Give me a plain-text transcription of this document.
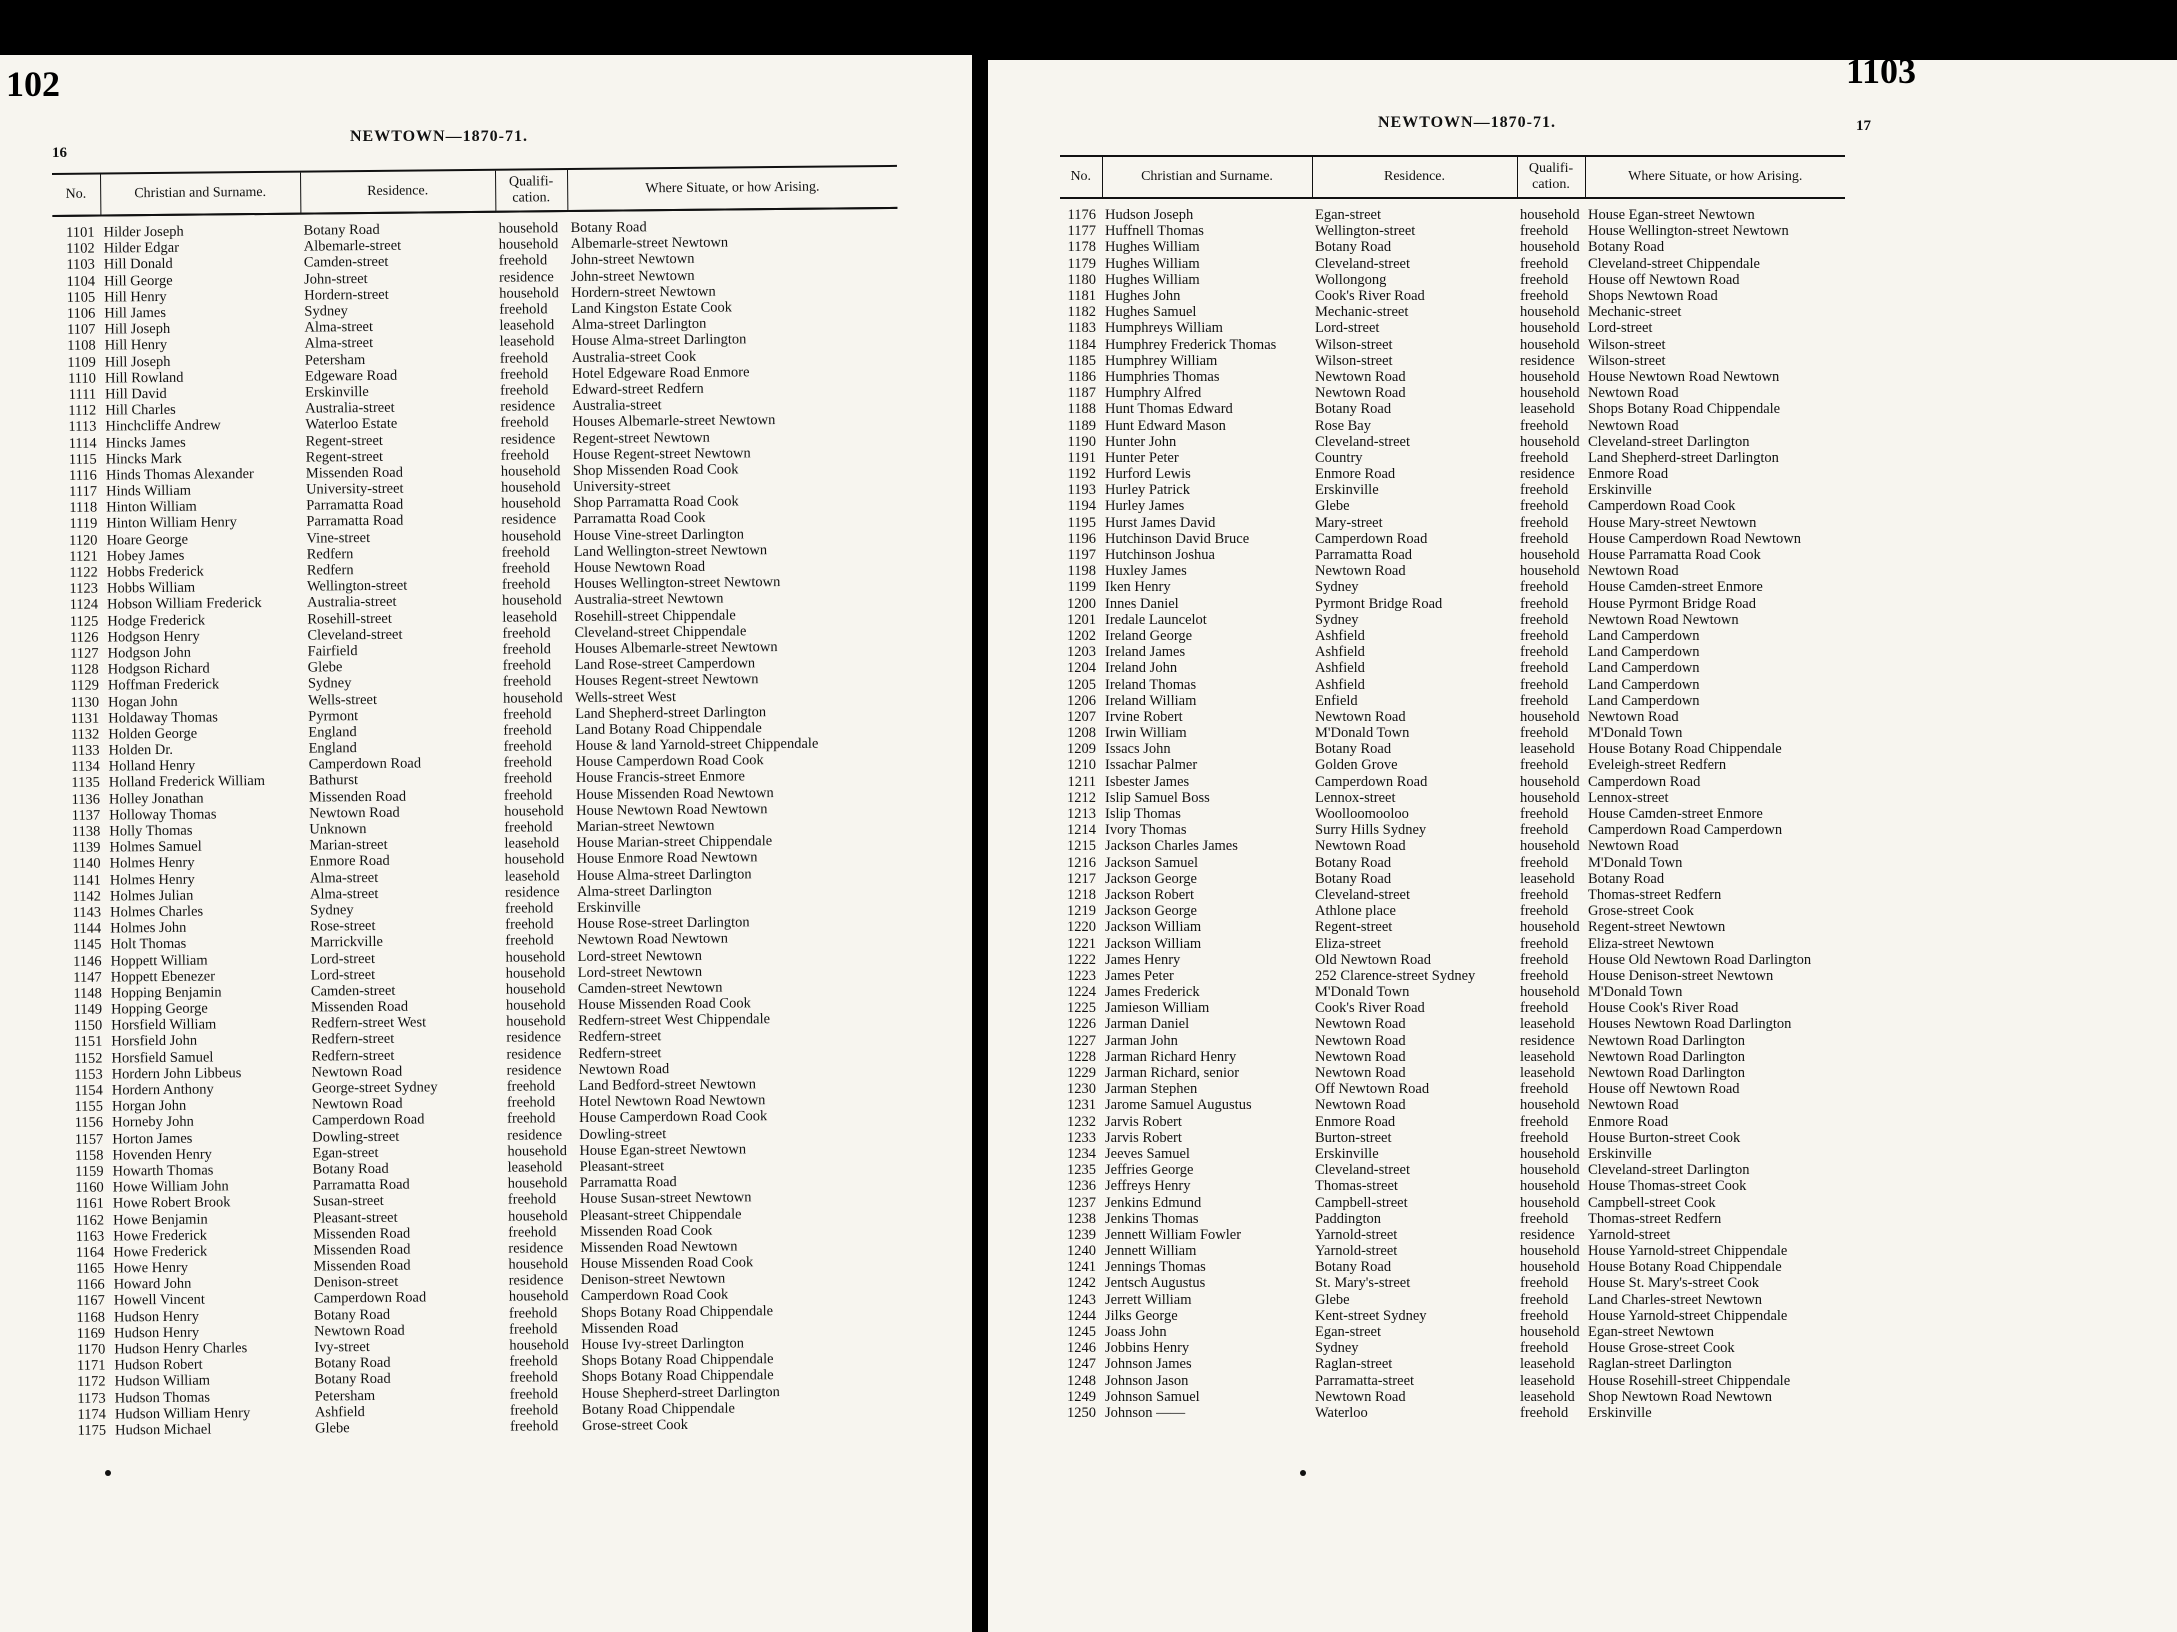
102
16
NEWTOWN—1870-71.
No.	Christian and Surname.	Residence.	Qualifi- cation.	Where Situate, or how Arising.
1101	Hilder Joseph	Botany Road	household	Botany Road
1102	Hilder Edgar	Albemarle-street	household	Albemarle-street Newtown
1103	Hill Donald	Camden-street	freehold	John-street Newtown
1104	Hill George	John-street	residence	John-street Newtown
1105	Hill Henry	Hordern-street	household	Hordern-street Newtown
1106	Hill James	Sydney	freehold	Land Kingston Estate Cook
1107	Hill Joseph	Alma-street	leasehold	Alma-street Darlington
1108	Hill Henry	Alma-street	leasehold	House Alma-street Darlington
1109	Hill Joseph	Petersham	freehold	Australia-street Cook
1110	Hill Rowland	Edgeware Road	freehold	Hotel Edgeware Road Enmore
1111	Hill David	Erskinville	freehold	Edward-street Redfern
1112	Hill Charles	Australia-street	residence	Australia-street
1113	Hinchcliffe Andrew	Waterloo Estate	freehold	Houses Albemarle-street Newtown
1114	Hincks James	Regent-street	residence	Regent-street Newtown
1115	Hincks Mark	Regent-street	freehold	House Regent-street Newtown
1116	Hinds Thomas Alexander	Missenden Road	household	Shop Missenden Road Cook
1117	Hinds William	University-street	household	University-street
1118	Hinton William	Parramatta Road	household	Shop Parramatta Road Cook
1119	Hinton William Henry	Parramatta Road	residence	Parramatta Road Cook
1120	Hoare George	Vine-street	household	House Vine-street Darlington
1121	Hobey James	Redfern	freehold	Land Wellington-street Newtown
1122	Hobbs Frederick	Redfern	freehold	House Newtown Road
1123	Hobbs William	Wellington-street	freehold	Houses Wellington-street Newtown
1124	Hobson William Frederick	Australia-street	household	Australia-street Newtown
1125	Hodge Frederick	Rosehill-street	leasehold	Rosehill-street Chippendale
1126	Hodgson Henry	Cleveland-street	freehold	Cleveland-street Chippendale
1127	Hodgson John	Fairfield	freehold	Houses Albemarle-street Newtown
1128	Hodgson Richard	Glebe	freehold	Land Rose-street Camperdown
1129	Hoffman Frederick	Sydney	freehold	Houses Regent-street Newtown
1130	Hogan John	Wells-street	household	Wells-street West
1131	Holdaway Thomas	Pyrmont	freehold	Land Shepherd-street Darlington
1132	Holden George	England	freehold	Land Botany Road Chippendale
1133	Holden Dr.	England	freehold	House & land Yarnold-street Chippendale
1134	Holland Henry	Camperdown Road	freehold	House Camperdown Road Cook
1135	Holland Frederick William	Bathurst	freehold	House Francis-street Enmore
1136	Holley Jonathan	Missenden Road	freehold	House Missenden Road Newtown
1137	Holloway Thomas	Newtown Road	household	House Newtown Road Newtown
1138	Holly Thomas	Unknown	freehold	Marian-street Newtown
1139	Holmes Samuel	Marian-street	leasehold	House Marian-street Chippendale
1140	Holmes Henry	Enmore Road	household	House Enmore Road Newtown
1141	Holmes Henry	Alma-street	leasehold	House Alma-street Darlington
1142	Holmes Julian	Alma-street	residence	Alma-street Darlington
1143	Holmes Charles	Sydney	freehold	Erskinville
1144	Holmes John	Rose-street	freehold	House Rose-street Darlington
1145	Holt Thomas	Marrickville	freehold	Newtown Road Newtown
1146	Hoppett William	Lord-street	household	Lord-street Newtown
1147	Hoppett Ebenezer	Lord-street	household	Lord-street Newtown
1148	Hopping Benjamin	Camden-street	household	Camden-street Newtown
1149	Hopping George	Missenden Road	household	House Missenden Road Cook
1150	Horsfield William	Redfern-street West	household	Redfern-street West Chippendale
1151	Horsfield John	Redfern-street	residence	Redfern-street
1152	Horsfield Samuel	Redfern-street	residence	Redfern-street
1153	Hordern John Libbeus	Newtown Road	residence	Newtown Road
1154	Hordern Anthony	George-street Sydney	freehold	Land Bedford-street Newtown
1155	Horgan John	Newtown Road	freehold	Hotel Newtown Road Newtown
1156	Horneby John	Camperdown Road	freehold	House Camperdown Road Cook
1157	Horton James	Dowling-street	residence	Dowling-street
1158	Hovenden Henry	Egan-street	household	House Egan-street Newtown
1159	Howarth Thomas	Botany Road	leasehold	Pleasant-street
1160	Howe William John	Parramatta Road	household	Parramatta Road
1161	Howe Robert Brook	Susan-street	freehold	House Susan-street Newtown
1162	Howe Benjamin	Pleasant-street	household	Pleasant-street Chippendale
1163	Howe Frederick	Missenden Road	freehold	Missenden Road Cook
1164	Howe Frederick	Missenden Road	residence	Missenden Road Newtown
1165	Howe Henry	Missenden Road	household	House Missenden Road Cook
1166	Howard John	Denison-street	residence	Denison-street Newtown
1167	Howell Vincent	Camperdown Road	household	Camperdown Road Cook
1168	Hudson Henry	Botany Road	freehold	Shops Botany Road Chippendale
1169	Hudson Henry	Newtown Road	freehold	Missenden Road
1170	Hudson Henry Charles	Ivy-street	household	House Ivy-street Darlington
1171	Hudson Robert	Botany Road	freehold	Shops Botany Road Chippendale
1172	Hudson William	Botany Road	freehold	Shops Botany Road Chippendale
1173	Hudson Thomas	Petersham	freehold	House Shepherd-street Darlington
1174	Hudson William Henry	Ashfield	freehold	Botany Road Chippendale
1175	Hudson Michael	Glebe	freehold	Grose-street Cook
1103
17
NEWTOWN—1870-71.
No.	Christian and Surname.	Residence.	Qualifi- cation.	Where Situate, or how Arising.
1176	Hudson Joseph	Egan-street	household	House Egan-street Newtown
1177	Huffnell Thomas	Wellington-street	freehold	House Wellington-street Newtown
1178	Hughes William	Botany Road	household	Botany Road
1179	Hughes William	Cleveland-street	freehold	Cleveland-street Chippendale
1180	Hughes William	Wollongong	freehold	House off Newtown Road
1181	Hughes John	Cook's River Road	freehold	Shops Newtown Road
1182	Hughes Samuel	Mechanic-street	household	Mechanic-street
1183	Humphreys William	Lord-street	household	Lord-street
1184	Humphrey Frederick Thomas	Wilson-street	household	Wilson-street
1185	Humphrey William	Wilson-street	residence	Wilson-street
1186	Humphries Thomas	Newtown Road	household	House Newtown Road Newtown
1187	Humphry Alfred	Newtown Road	household	Newtown Road
1188	Hunt Thomas Edward	Botany Road	leasehold	Shops Botany Road Chippendale
1189	Hunt Edward Mason	Rose Bay	freehold	Newtown Road
1190	Hunter John	Cleveland-street	household	Cleveland-street Darlington
1191	Hunter Peter	Country	freehold	Land Shepherd-street Darlington
1192	Hurford Lewis	Enmore Road	residence	Enmore Road
1193	Hurley Patrick	Erskinville	freehold	Erskinville
1194	Hurley James	Glebe	freehold	Camperdown Road Cook
1195	Hurst James David	Mary-street	freehold	House Mary-street Newtown
1196	Hutchinson David Bruce	Camperdown Road	freehold	House Camperdown Road Newtown
1197	Hutchinson Joshua	Parramatta Road	household	House Parramatta Road Cook
1198	Huxley James	Newtown Road	household	Newtown Road
1199	Iken Henry	Sydney	freehold	House Camden-street Enmore
1200	Innes Daniel	Pyrmont Bridge Road	freehold	House Pyrmont Bridge Road
1201	Iredale Launcelot	Sydney	freehold	Newtown Road Newtown
1202	Ireland George	Ashfield	freehold	Land Camperdown
1203	Ireland James	Ashfield	freehold	Land Camperdown
1204	Ireland John	Ashfield	freehold	Land Camperdown
1205	Ireland Thomas	Ashfield	freehold	Land Camperdown
1206	Ireland William	Enfield	freehold	Land Camperdown
1207	Irvine Robert	Newtown Road	household	Newtown Road
1208	Irwin William	M'Donald Town	freehold	M'Donald Town
1209	Issacs John	Botany Road	leasehold	House Botany Road Chippendale
1210	Issachar Palmer	Golden Grove	freehold	Eveleigh-street Redfern
1211	Isbester James	Camperdown Road	household	Camperdown Road
1212	Islip Samuel Boss	Lennox-street	household	Lennox-street
1213	Islip Thomas	Woolloomooloo	freehold	House Camden-street Enmore
1214	Ivory Thomas	Surry Hills Sydney	freehold	Camperdown Road Camperdown
1215	Jackson Charles James	Newtown Road	household	Newtown Road
1216	Jackson Samuel	Botany Road	freehold	M'Donald Town
1217	Jackson George	Botany Road	leasehold	Botany Road
1218	Jackson Robert	Cleveland-street	freehold	Thomas-street Redfern
1219	Jackson George	Athlone place	freehold	Grose-street Cook
1220	Jackson William	Regent-street	household	Regent-street Newtown
1221	Jackson William	Eliza-street	freehold	Eliza-street Newtown
1222	James Henry	Old Newtown Road	freehold	House Old Newtown Road Darlington
1223	James Peter	252 Clarence-street Sydney	freehold	House Denison-street Newtown
1224	James Frederick	M'Donald Town	household	M'Donald Town
1225	Jamieson William	Cook's River Road	freehold	House Cook's River Road
1226	Jarman Daniel	Newtown Road	leasehold	Houses Newtown Road Darlington
1227	Jarman John	Newtown Road	residence	Newtown Road Darlington
1228	Jarman Richard Henry	Newtown Road	leasehold	Newtown Road Darlington
1229	Jarman Richard, senior	Newtown Road	leasehold	Newtown Road Darlington
1230	Jarman Stephen	Off Newtown Road	freehold	House off Newtown Road
1231	Jarome Samuel Augustus	Newtown Road	household	Newtown Road
1232	Jarvis Robert	Enmore Road	freehold	Enmore Road
1233	Jarvis Robert	Burton-street	freehold	House Burton-street Cook
1234	Jeeves Samuel	Erskinville	household	Erskinville
1235	Jeffries George	Cleveland-street	household	Cleveland-street Darlington
1236	Jeffreys Henry	Thomas-street	household	House Thomas-street Cook
1237	Jenkins Edmund	Campbell-street	household	Campbell-street Cook
1238	Jenkins Thomas	Paddington	freehold	Thomas-street Redfern
1239	Jennett William Fowler	Yarnold-street	residence	Yarnold-street
1240	Jennett William	Yarnold-street	household	House Yarnold-street Chippendale
1241	Jennings Thomas	Botany Road	household	House Botany Road Chippendale
1242	Jentsch Augustus	St. Mary's-street	freehold	House St. Mary's-street Cook
1243	Jerrett William	Glebe	freehold	Land Charles-street Newtown
1244	Jilks George	Kent-street Sydney	freehold	House Yarnold-street Chippendale
1245	Joass John	Egan-street	household	Egan-street Newtown
1246	Jobbins Henry	Sydney	freehold	House Grose-street Cook
1247	Johnson James	Raglan-street	leasehold	Raglan-street Darlington
1248	Johnson Jason	Parramatta-street	leasehold	House Rosehill-street Chippendale
1249	Johnson Samuel	Newtown Road	leasehold	Shop Newtown Road Newtown
1250	Johnson ——	Waterloo	freehold	Erskinville
